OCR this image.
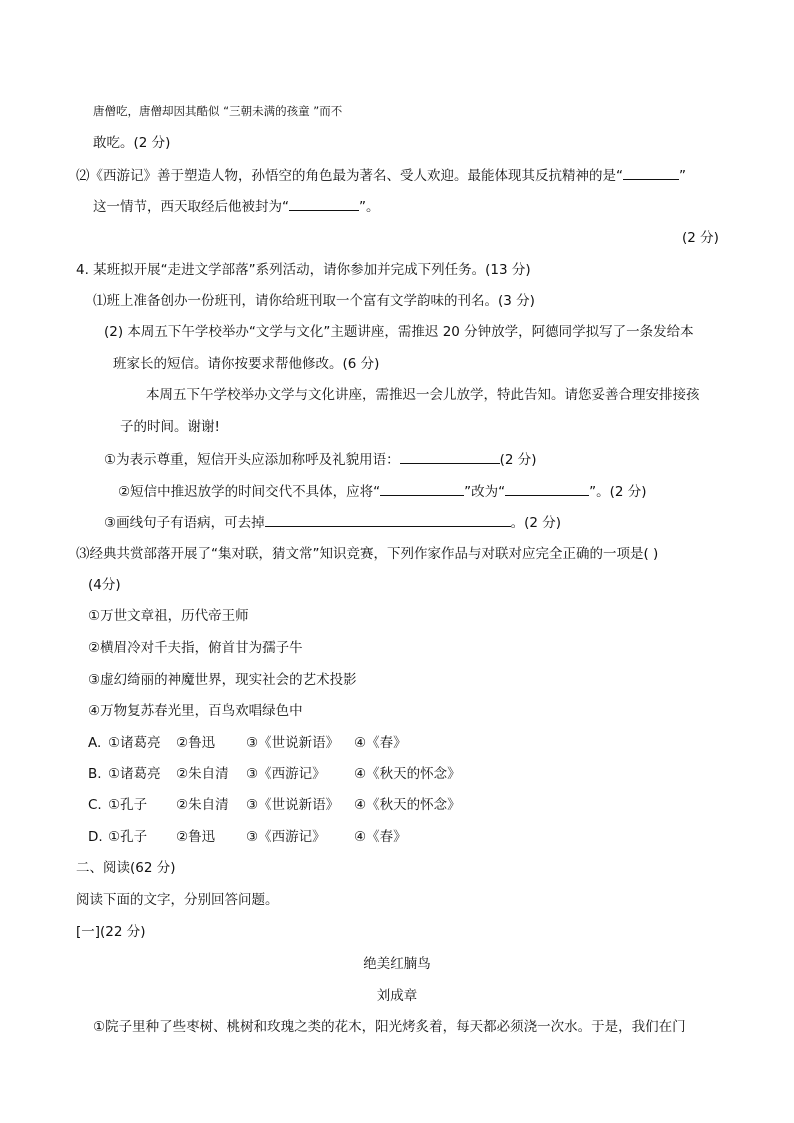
唐僧吃，唐僧却因其酷似 “三朝未满的孩童 ”而不
敢吃。(2 分)
⑵《西游记》善于塑造人物，孙悟空的角色最为著名、受人欢迎。最能体现其反抗精神的是“	”
这一情节，西天取经后他被封为“	”。
(2 分)
4. 某班拟开展“走进文学部落”系列活动，请你参加并完成下列任务。(13 分)
⑴班上准备创办一份班刊，请你给班刊取一个富有文学韵味的刊名。(3 分)
(2) 本周五下午学校举办“文学与文化”主题讲座，需推迟 20 分钟放学，阿德同学拟写了一条发给本
班家长的短信。请你按要求帮他修改。(6 分)
本周五下午学校举办文学与文化讲座，需推迟一会儿放学，特此告知。请您妥善合理安排接孩
子的时间。谢谢!
①为表示尊重，短信开头应添加称呼及礼貌用语：	(2 分)
②短信中推迟放学的时间交代不具体，应将“	”改为“	”。(2 分)
③画线句子有语病，可去掉	。(2 分)
⑶经典共赏部落开展了“集对联，猜文常”知识竞赛，下列作家作品与对联对应完全正确的一项是( )
(4分)
①万世文章祖，历代帝王师
②横眉冷对千夫指，俯首甘为孺子牛
③虚幻绮丽的神魔世界，现实社会的艺术投影
④万物复苏春光里，百鸟欢唱绿色中
A. ①诸葛亮 ②鲁迅 ③《世说新语》 ④《春》
B. ①诸葛亮 ②朱自清 ③《西游记》 ④《秋天的怀念》
C. ①孔子 ②朱自清 ③《世说新语》 ④《秋天的怀念》
D. ①孔子 ②鲁迅 ③《西游记》 ④《春》
二、阅读(62 分)
阅读下面的文字，分别回答问题。
[一](22 分)
绝美红腩鸟
刘成章
①院子里种了些枣树、桃树和玫瑰之类的花木，阳光烤炙着，每天都必须浇一次水。于是，我们在门
